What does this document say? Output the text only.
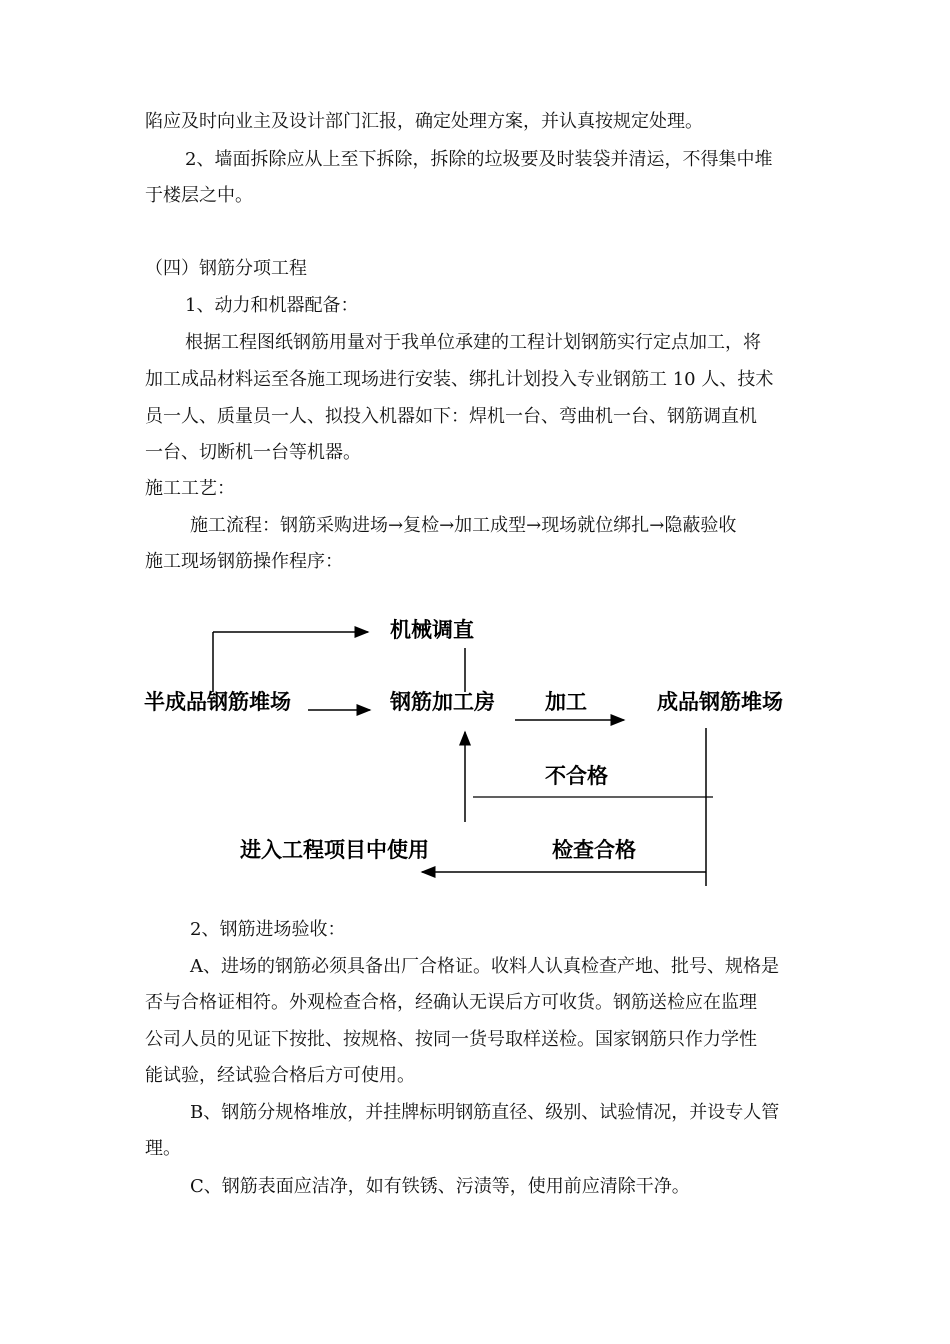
陷应及时向业主及设计部门汇报，确定处理方案，并认真按规定处理。
2、墙面拆除应从上至下拆除，拆除的垃圾要及时装袋并清运，不得集中堆
于楼层之中。
（四）钢筋分项工程
1、动力和机器配备：
根据工程图纸钢筋用量对于我单位承建的工程计划钢筋实行定点加工，将
加工成品材料运至各施工现场进行安装、绑扎计划投入专业钢筋工 10 人、技术
员一人、质量员一人、拟投入机器如下：焊机一台、弯曲机一台、钢筋调直机
一台、切断机一台等机器。
施工工艺：
施工流程：钢筋采购进场→复检→加工成型→现场就位绑扎→隐蔽验收
施工现场钢筋操作程序：
机械调直
半成品钢筋堆场	钢筋加工房 加工	成品钢筋堆场
不合格
进入工程项目中使用	检查合格
2、钢筋进场验收：
A、进场的钢筋必须具备出厂合格证。收料人认真检查产地、批号、规格是
否与合格证相符。外观检查合格，经确认无误后方可收货。钢筋送检应在监理
公司人员的见证下按批、按规格、按同一货号取样送检。国家钢筋只作力学性
能试验，经试验合格后方可使用。
B、钢筋分规格堆放，并挂牌标明钢筋直径、级别、试验情况，并设专人管
理。
C、钢筋表面应洁净，如有铁锈、污渍等，使用前应清除干净。
